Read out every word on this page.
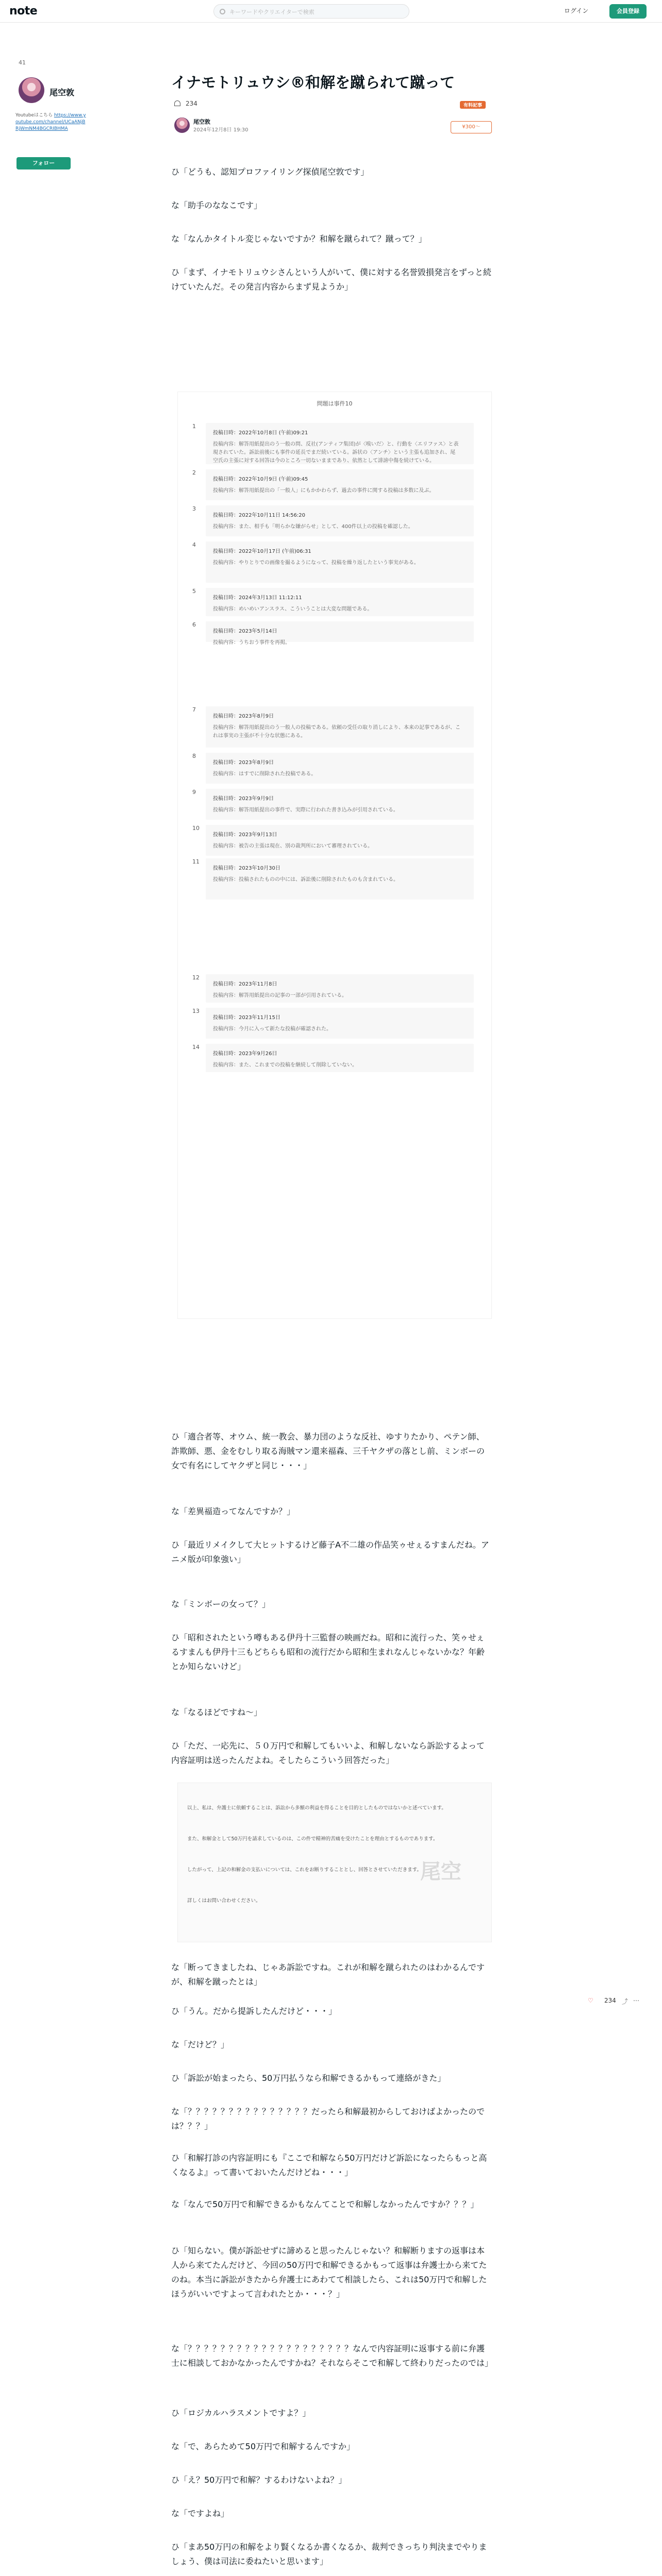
note	キーワードやクリエイターで検索	ログイン	会員登録
41
尾空敦
Youtubeはこちら https://www.youtube.com/channel/UCaANjBRjWmNM4BGCRIBHMA
フォロー
イナモトリュウシ®︎和解を蹴られて蹴って
234	有料記事
尾空敦
2024年12月8日 19:30
¥300〜
ひ「どうも、認知プロファイリング探偵尾空敦です」
な「助手のななこです」
な「なんかタイトル変じゃないですか？和解を蹴られて？蹴って？」
ひ「まず、イナモトリュウシさんという人がいて、僕に対する名誉毀損発言をずっと続けていたんだ。その発言内容からまず見ようか」
問題は事件10
1
投稿日時：2022年10月8日 (午前)09:21
投稿内容：解答用紙提出のう一般の問、反社(アンティフ集団)が〈嗅いだ〉と、行動を〈エリファス〉と表現されていた。訴訟前後にも事件の延長でまだ続いている。訴状の〈アンチ〉という主張も追加され、尾空氏の主張に対する回答は今のところ一切ないままであり、依然として誹謗中傷を続けている。
2
投稿日時：2022年10月9日 (午前)09:45
投稿内容：解答用紙提出の「一般人」にもかかわらず、過去の事件に関する投稿は多数に及ぶ。
3
投稿日時：2022年10月11日 14:56:20
投稿内容：また、相手も「明らかな嫌がらせ」として、400件以上の投稿を確認した。
4
投稿日時：2022年10月17日 (午前)06:31
投稿内容：やりとりでの画像を撮るようになって、投稿を繰り返したという事実がある。
5
投稿日時：2024年3月13日 11:12:11
投稿内容：めいめいアンスラス、こういうことは大変な問題である。
6
投稿日時：2023年5月14日
投稿内容：うちおう事件を再掲。
7
投稿日時：2023年8月9日
投稿内容：解答用紙提出のう一般人の投稿である。依頼の受任の取り消しにより、本来の記事であるが、これは事実の主張が不十分な状態にある。
8
投稿日時：2023年8月9日
投稿内容：はすでに削除された投稿である。
9
投稿日時：2023年9月9日
投稿内容：解答用紙提出の事件で、実際に行われた書き込みが引用されている。
10
投稿日時：2023年9月13日
投稿内容：被告の主張は現在、別の裁判所において審理されている。
11
投稿日時：2023年10月30日
投稿内容：投稿されたものの中には、訴訟後に削除されたものも含まれている。
12
投稿日時：2023年11月8日
投稿内容：解答用紙提出の記事の一部が引用されている。
13
投稿日時：2023年11月15日
投稿内容：今月に入って新たな投稿が確認された。
14
投稿日時：2023年9月26日
投稿内容：また、これまでの投稿を継続して削除していない。
ひ「適合者等、オウム、統一教会、暴力団のような反社、ゆすりたかり、ペテン師、詐欺師、悪、金をむしり取る海賊マン還来福森、三千ヤクザの落とし前、ミンボーの女で有名にしてヤクザと同じ・・・」
な「差異福造ってなんですか？」
ひ「最近リメイクして大ヒットするけど藤子A不二雄の作品笑ゥせぇるすまんだね。アニメ版が印象強い」
な「ミンボーの女って？」
ひ「昭和されたという噂もある伊丹十三監督の映画だね。昭和に流行った、笑ゥせぇるすまんも伊丹十三もどちらも昭和の流行だから昭和生まれなんじゃないかな？年齢とか知らないけど」
な「なるほどですね〜」
ひ「ただ、一応先に、５０万円で和解してもいいよ、和解しないなら訴訟するよって内容証明は送ったんだよね。そしたらこういう回答だった」
以上、私は、弁護士に依頼することは、訴訟から多額の利益を得ることを目的としたものではないかと述べています。
また、和解金として50万円を請求しているのは、この件で精神的苦痛を受けたことを理由とするものであります。
したがって、上記の和解金の支払いについては、これをお断りすることとし、回答とさせていただきます。
詳しくはお問い合わせください。
尾空
な「断ってきましたね、じゃあ訴訟ですね。これが和解を蹴られたのはわかるんですが、和解を蹴ったとは」
ひ「うん。だから提訴したんだけど・・・」
な「だけど？」
ひ「訴訟が始まったら、50万円払うなら和解できるかもって連絡がきた」
な「？？？？？？？？？？？？？？？だったら和解最初からしておけばよかったのでは？？？」
ひ「和解打診の内容証明にも『ここで和解なら50万円だけど訴訟になったらもっと高くなるよ』って書いておいたんだけどね・・・」
な「なんで50万円で和解できるかもなんてことで和解しなかったんですか？？？」
ひ「知らない。僕が訴訟せずに諦めると思ったんじゃない？和解断りますの返事は本人から来てたんだけど、今回の50万円で和解できるかもって返事は弁護士から来てたのね。本当に訴訟がきたから弁護士にあわてて相談したら、これは50万円で和解したほうがいいですよって言われたとか・・・？」
な「？？？？？？？？？？？？？？？？？？？？なんで内容証明に返事する前に弁護士に相談しておかなかったんですかね？それならそこで和解して終わりだったのでは」
ひ「ロジカルハラスメントですよ？」
な「で、あらためて50万円で和解するんですか」
ひ「え？50万円で和解？するわけないよね？」
な「ですよね」
ひ「まあ50万円の和解をより賢くなるか書くなるか、裁判できっちり判決までやりましょう、僕は司法に委ねたいと思います」
♡ 234 ⤴ ⋯
